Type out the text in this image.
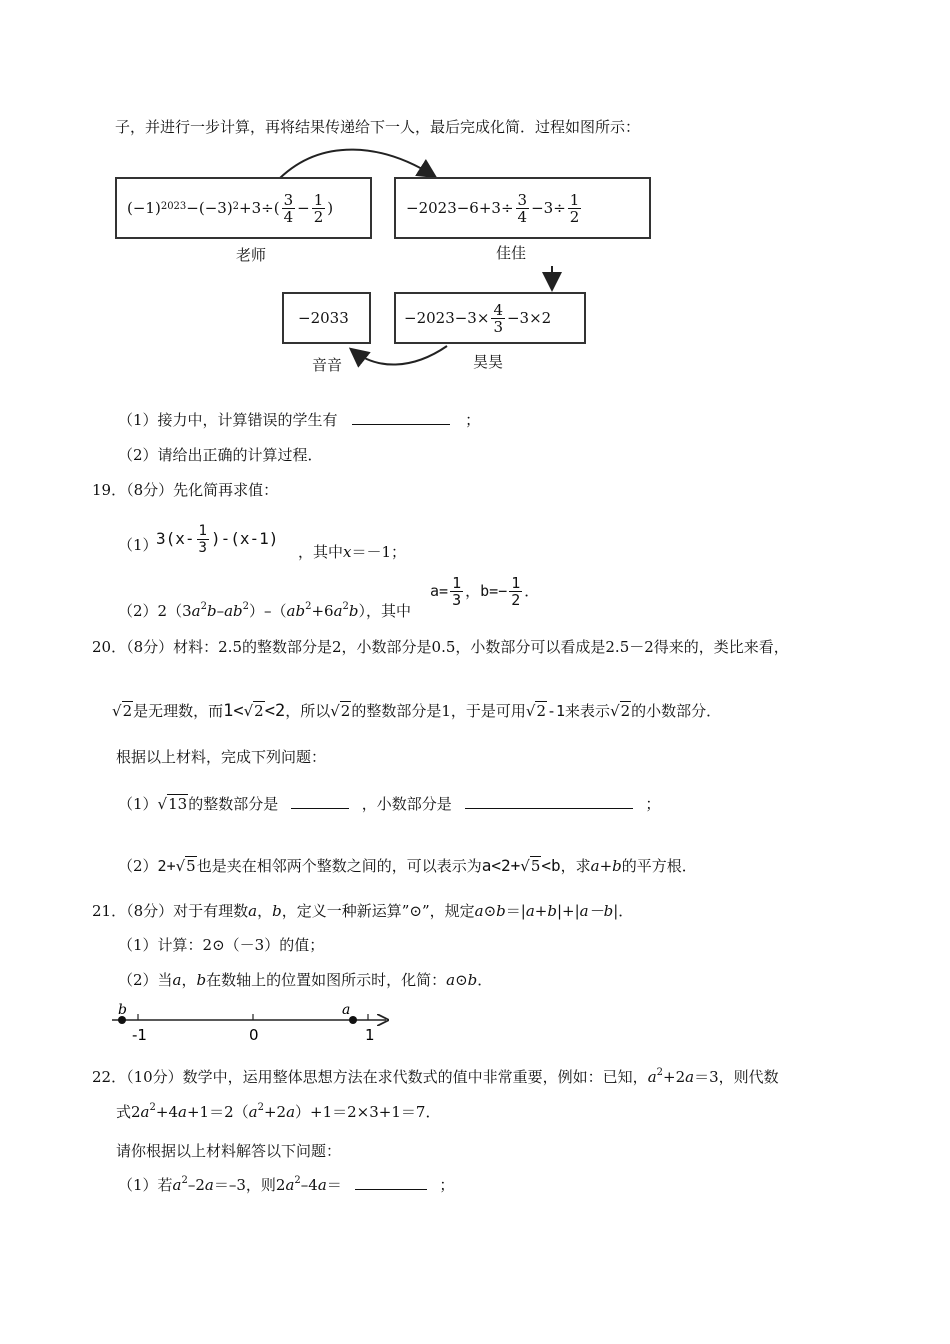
子，并进行一步计算，再将结果传递给下一人，最后完成化简．过程如图所示：
$(-1)^{2023} -(-3)^2 +3\div( \frac{3}{4} - \frac{1}{2}$ )
老师
$-2023-6+3\div \frac{3}{4} -3\div \frac{1}{2}$
佳佳
−2033
音音
$-2023-3\times \frac{4}{3} -3\times 2$
昊昊
（1）接力中，计算错误的学生有	；
（2）请给出正确的计算过程．
19．（8分）先化简再求值：
（1）
$3(x- \frac{1}{3} )-(x-1)$
，其中x＝－1；
$(2)2(3a^2b-ab^2)-(ab^2+6a^2b)$，其中
$a= \frac{1}{3}$ ，$b=- \frac{1}{2}$ ．
20．（8分）材料：2.5的整数部分是2，小数部分是0.5，小数部分可以看成是2.5－2得来的，类比来看，
√2是无理数，而1<√2<2，所以√2的整数部分是1，于是可用√2-1来表示√2的小数部分．
根据以上材料，完成下列问题：
（1）√13的整数部分是	，小数部分是	；
（2）2+√5也是夹在相邻两个整数之间的，可以表示为a<2+√5<b，求a+b的平方根．
21．（8分）对于有理数a，b，定义一种新运算”⊙”，规定a⊙b＝|a+b|+|a－b|．
（1）计算：2⊙（－3）的值；
（2）当a，b在数轴上的位置如图所示时，化简：a⊙b．
b	a
-1	0	1
22．（10分）数学中，运用整体思想方法在求代数式的值中非常重要，例如：已知，$a^2+2a=3$，则代数
式$2a^2+4a+1=2(a^2+2a)+1=2\times 3+1=7$．
请你根据以上材料解答以下问题：
（1）若$a^2-2a=-3$，则$2a^2-4a=$	；
